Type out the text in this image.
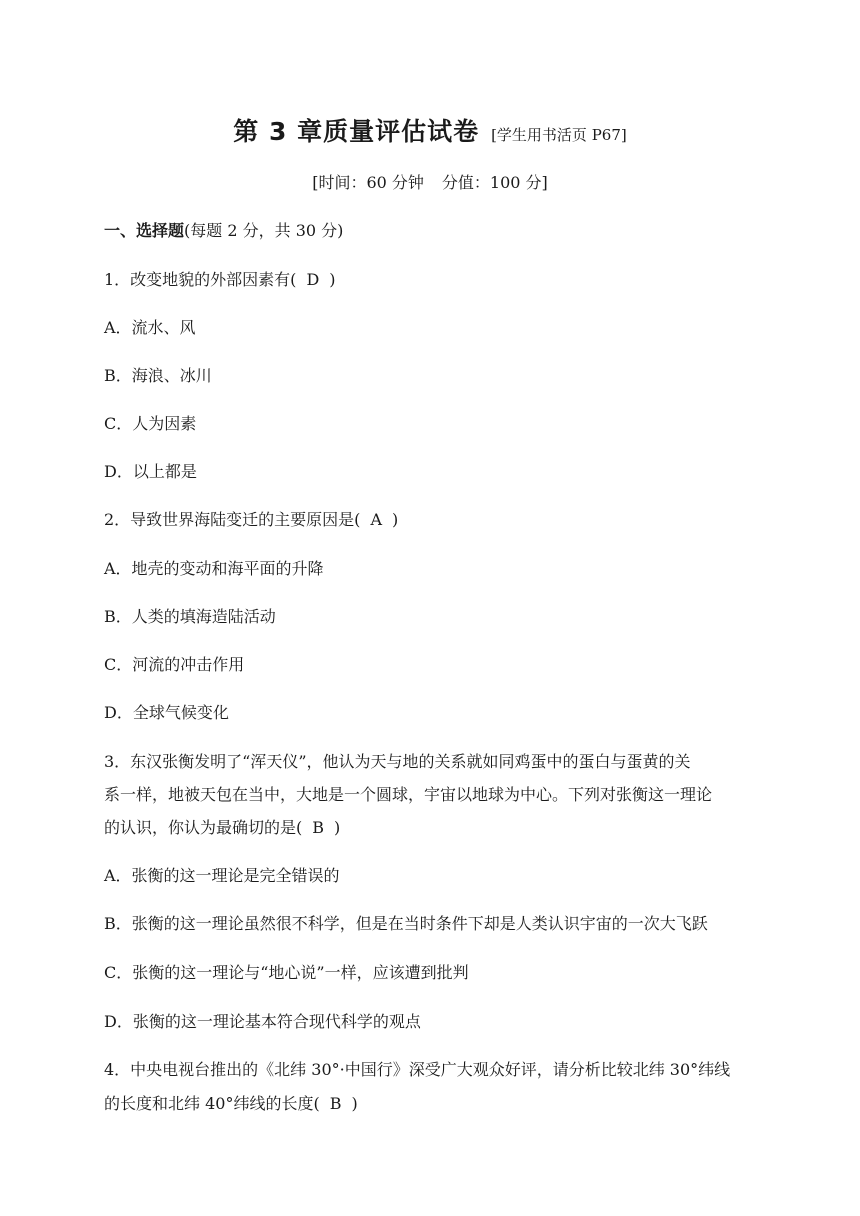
第 3 章质量评估试卷 [学生用书活页 P67]
[时间：60 分钟 分值：100 分]
一、选择题(每题 2 分，共 30 分)
1．改变地貌的外部因素有( D )
A．流水、风
B．海浪、冰川
C．人为因素
D．以上都是
2．导致世界海陆变迁的主要原因是( A )
A．地壳的变动和海平面的升降
B．人类的填海造陆活动
C．河流的冲击作用
D．全球气候变化
3．东汉张衡发明了“浑天仪”，他认为天与地的关系就如同鸡蛋中的蛋白与蛋黄的关
系一样，地被天包在当中，大地是一个圆球，宇宙以地球为中心。下列对张衡这一理论
的认识，你认为最确切的是( B )
A．张衡的这一理论是完全错误的
B．张衡的这一理论虽然很不科学，但是在当时条件下却是人类认识宇宙的一次大飞跃
C．张衡的这一理论与“地心说”一样，应该遭到批判
D．张衡的这一理论基本符合现代科学的观点
4．中央电视台推出的《北纬 30°·中国行》深受广大观众好评，请分析比较北纬 30°纬线
的长度和北纬 40°纬线的长度( B )
